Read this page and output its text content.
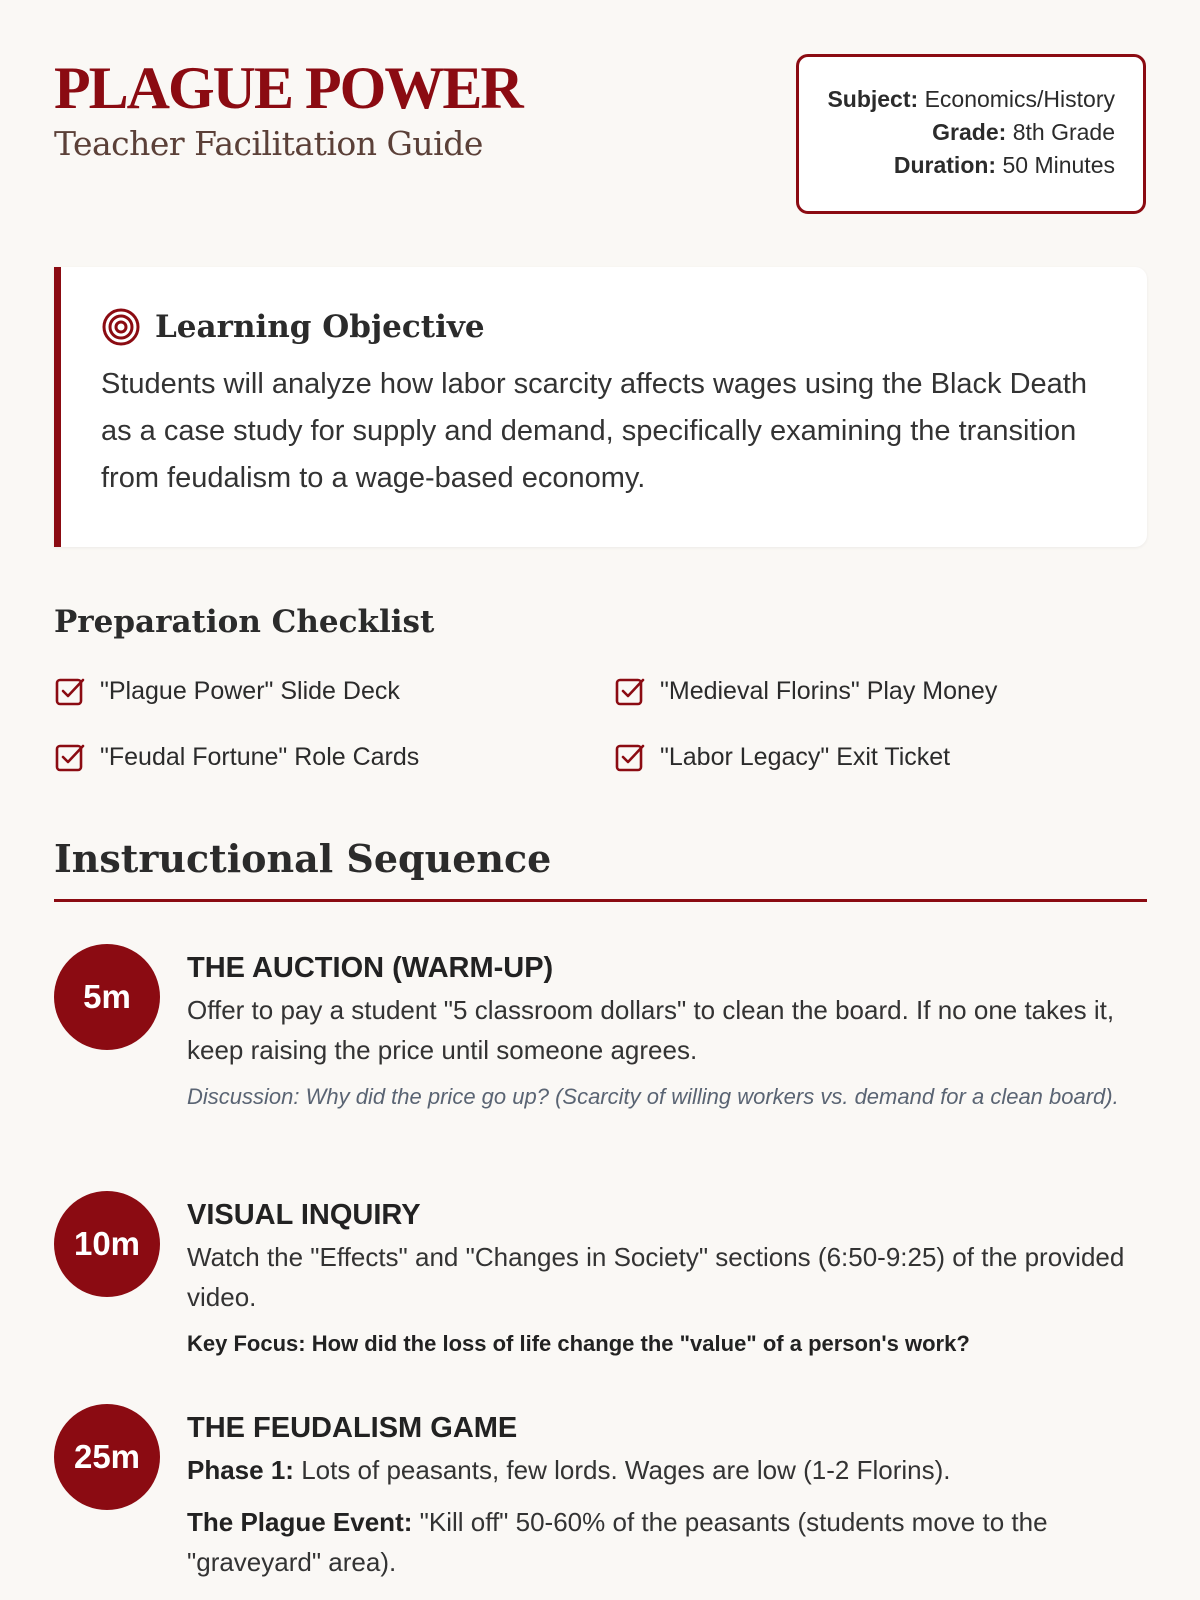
PLAGUE POWER
Teacher Facilitation Guide
Subject: Economics/History
Grade: 8th Grade
Duration: 50 Minutes
Learning Objective

Students will analyze how labor scarcity affects wages using the Black Death as a case study for supply and demand, specifically examining the transition from feudalism to a wage-based economy.

Preparation Checklist
"Plague Power" Slide Deck	"Medieval Florins" Play Money
"Feudal Fortune" Role Cards	"Labor Legacy" Exit Ticket
Instructional Sequence
5m
THE AUCTION (WARM-UP)

Offer to pay a student "5 classroom dollars" to clean the board. If no one takes it, keep raising the price until someone agrees.

Discussion: Why did the price go up? (Scarcity of willing workers vs. demand for a clean board).

10m
VISUAL INQUIRY

Watch the "Effects" and "Changes in Society" sections (6:50-9:25) of the provided video.

Key Focus: How did the loss of life change the "value" of a person's work?

25m
THE FEUDALISM GAME

Phase 1: Lots of peasants, few lords. Wages are low (1-2 Florins).

The Plague Event: "Kill off" 50-60% of the peasants (students move to the "graveyard" area).
